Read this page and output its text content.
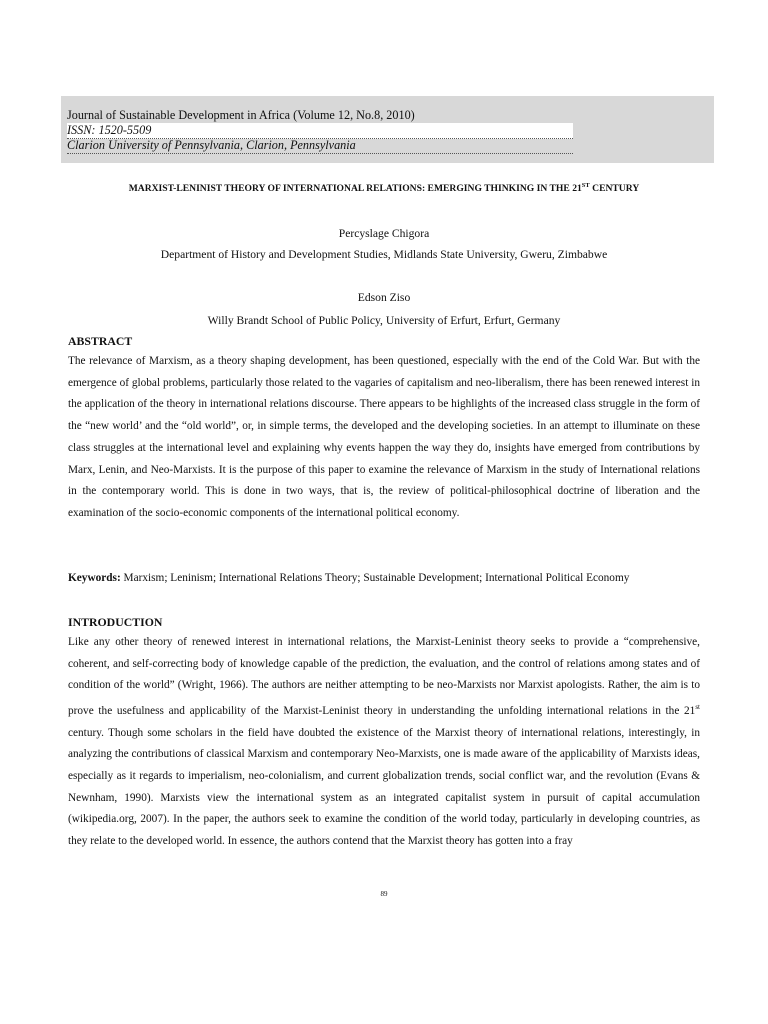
Journal of Sustainable Development in Africa (Volume 12, No.8, 2010)
ISSN: 1520-5509
Clarion University of Pennsylvania, Clarion, Pennsylvania
MARXIST-LENINIST THEORY OF INTERNATIONAL RELATIONS: EMERGING THINKING IN THE 21ST CENTURY
Percyslage Chigora
Department of History and Development Studies, Midlands State University, Gweru, Zimbabwe
Edson Ziso
Willy Brandt School of Public Policy, University of Erfurt, Erfurt, Germany
ABSTRACT
The relevance of Marxism, as a theory shaping development, has been questioned, especially with the end of the Cold War. But with the emergence of global problems, particularly those related to the vagaries of capitalism and neo-liberalism, there has been renewed interest in the application of the theory in international relations discourse. There appears to be highlights of the increased class struggle in the form of the “new world’ and the “old world”, or, in simple terms, the developed and the developing societies. In an attempt to illuminate on these class struggles at the international level and explaining why events happen the way they do, insights have emerged from contributions by Marx, Lenin, and Neo-Marxists. It is the purpose of this paper to examine the relevance of Marxism in the study of International relations in the contemporary world. This is done in two ways, that is, the review of political-philosophical doctrine of liberation and the examination of the socio-economic components of the international political economy.
Keywords: Marxism; Leninism; International Relations Theory; Sustainable Development; International Political Economy
INTRODUCTION
Like any other theory of renewed interest in international relations, the Marxist-Leninist theory seeks to provide a “comprehensive, coherent, and self-correcting body of knowledge capable of the prediction, the evaluation, and the control of relations among states and of condition of the world” (Wright, 1966). The authors are neither attempting to be neo-Marxists nor Marxist apologists. Rather, the aim is to prove the usefulness and applicability of the Marxist-Leninist theory in understanding the unfolding international relations in the 21st century. Though some scholars in the field have doubted the existence of the Marxist theory of international relations, interestingly, in analyzing the contributions of classical Marxism and contemporary Neo-Marxists, one is made aware of the applicability of Marxists ideas, especially as it regards to imperialism, neo-colonialism, and current globalization trends, social conflict war, and the revolution (Evans & Newnham, 1990). Marxists view the international system as an integrated capitalist system in pursuit of capital accumulation (wikipedia.org, 2007). In the paper, the authors seek to examine the condition of the world today, particularly in developing countries, as they relate to the developed world. In essence, the authors contend that the Marxist theory has gotten into a fray
89
